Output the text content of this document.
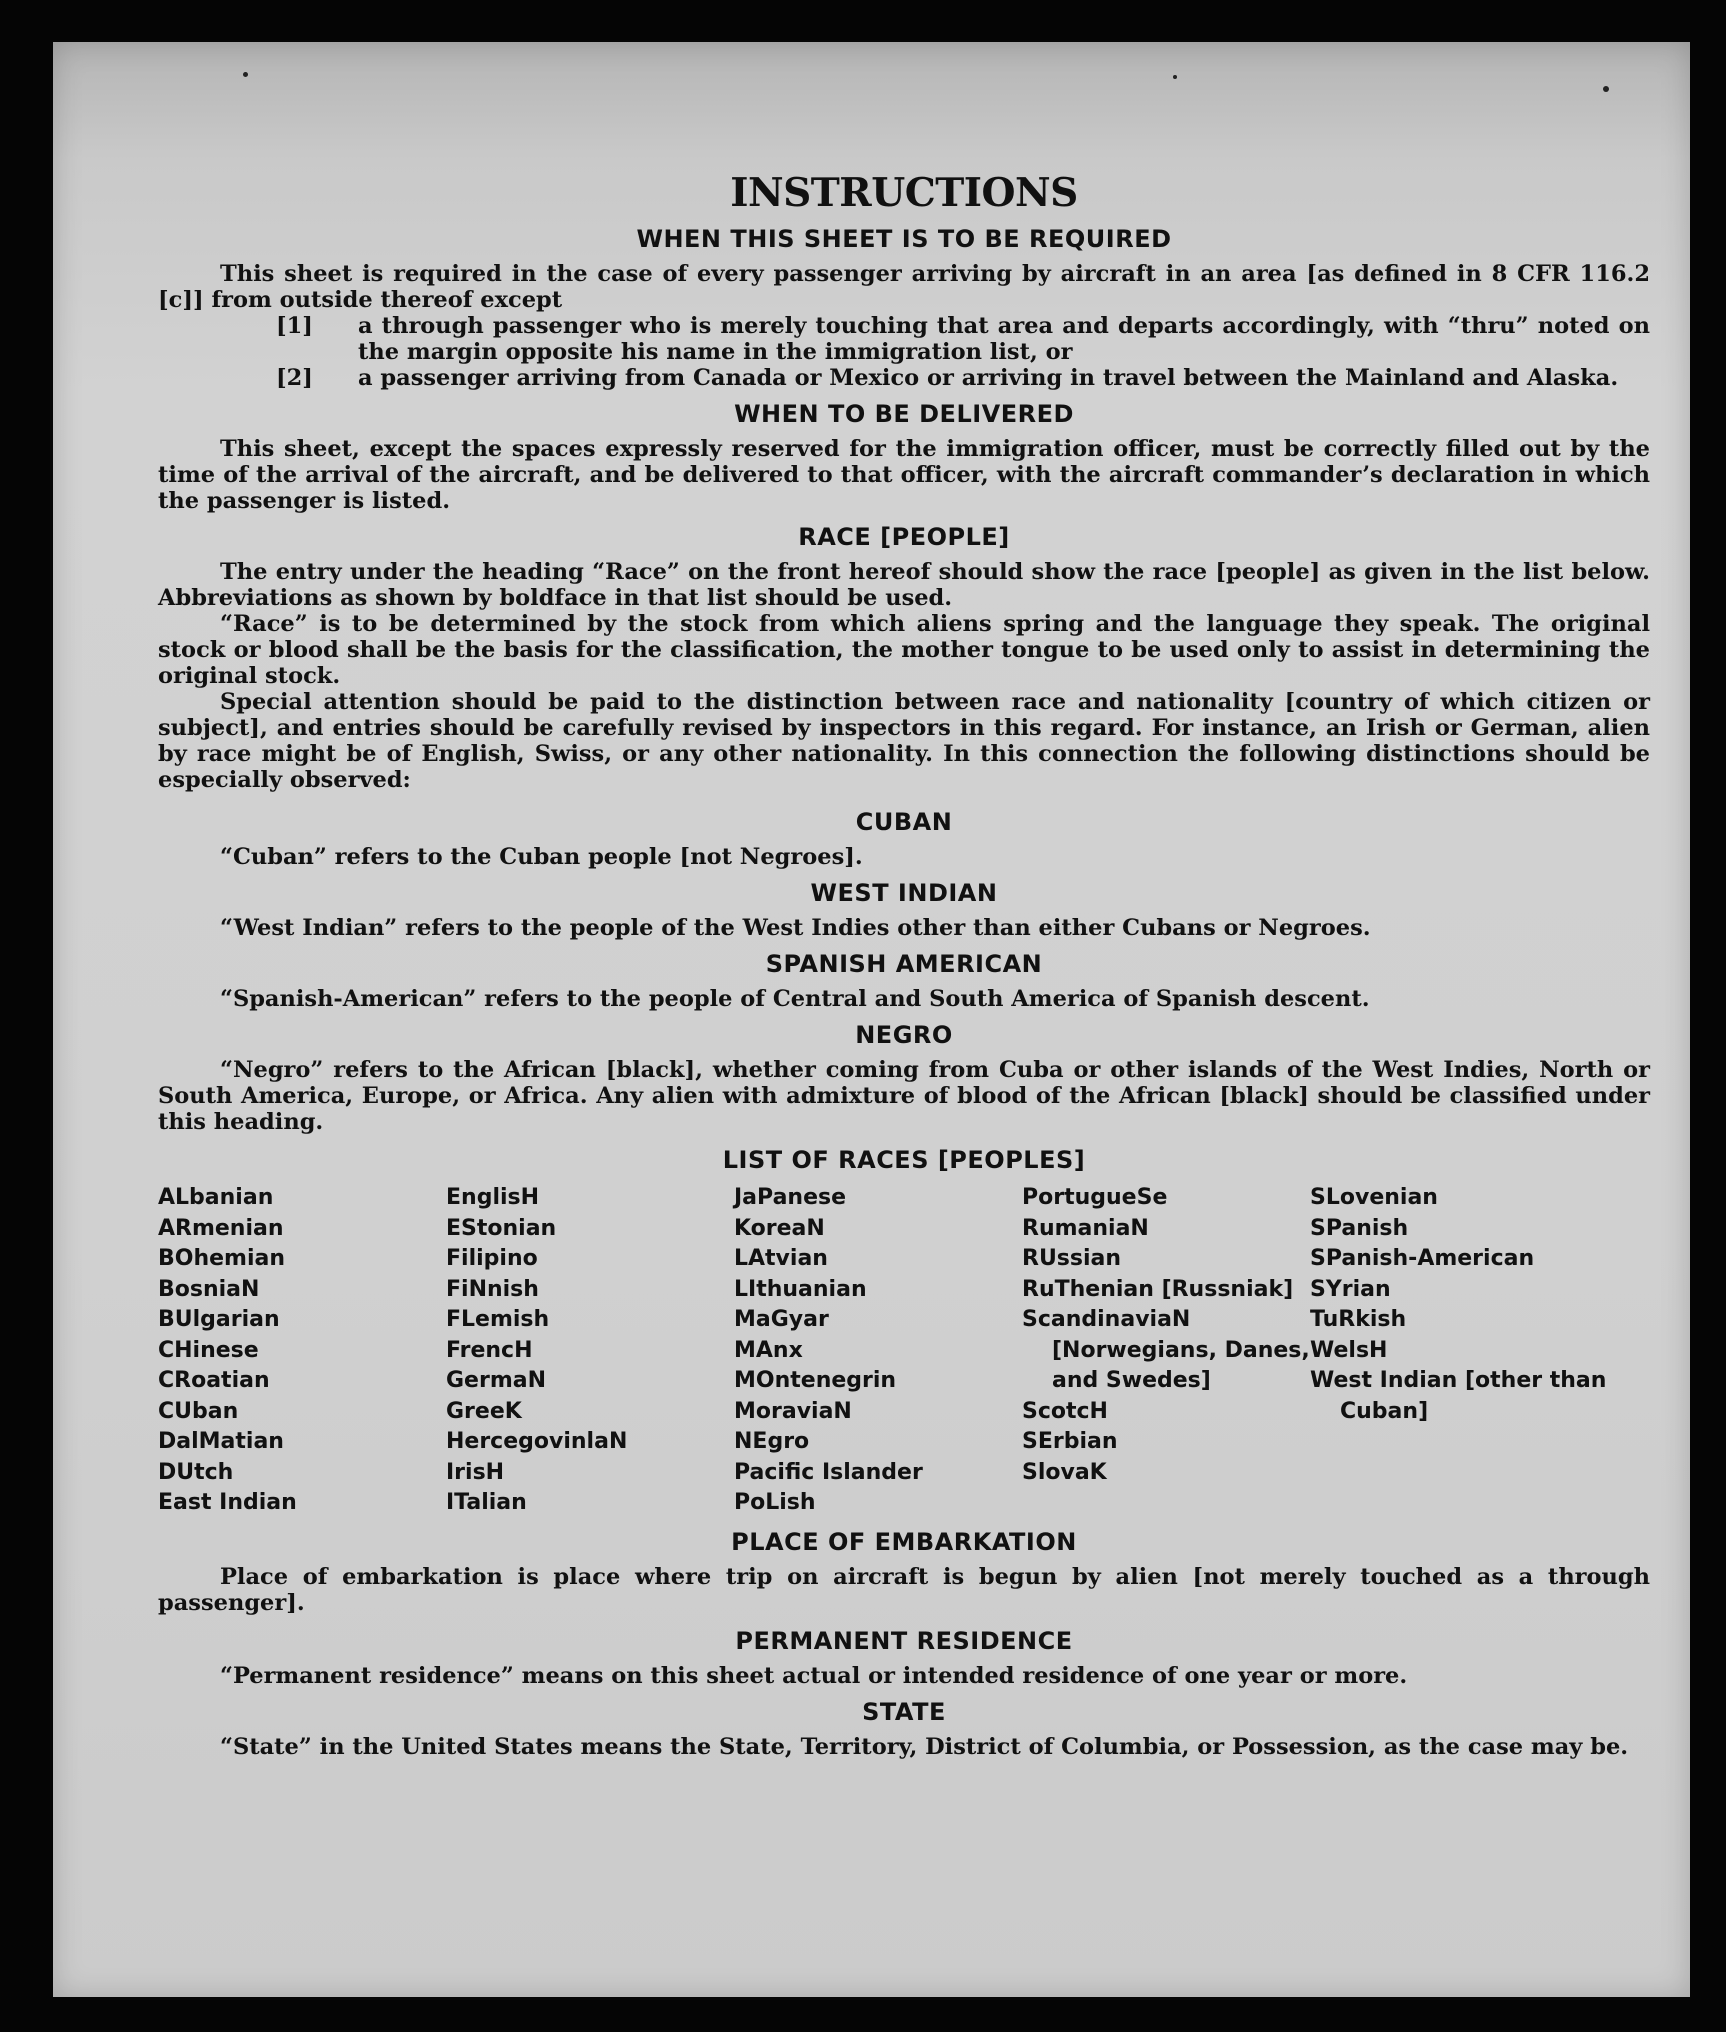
INSTRUCTIONS
WHEN THIS SHEET IS TO BE REQUIRED

This sheet is required in the case of every passenger arriving by aircraft in an area [as defined in 8 CFR 116.2 [c]] from outside thereof except

[1]	a through passenger who is merely touching that area and departs accordingly, with “thru” noted on the margin opposite his name in the immigration list, or

[2]	a passenger arriving from Canada or Mexico or arriving in travel between the Mainland and Alaska.

WHEN TO BE DELIVERED

This sheet, except the spaces expressly reserved for the immigration officer, must be correctly filled out by the time of the arrival of the aircraft, and be delivered to that officer, with the aircraft commander’s declaration in which the passenger is listed.

RACE [PEOPLE]

The entry under the heading “Race” on the front hereof should show the race [people] as given in the list below. Abbreviations as shown by boldface in that list should be used.

“Race” is to be determined by the stock from which aliens spring and the language they speak. The original stock or blood shall be the basis for the classification, the mother tongue to be used only to assist in determining the original stock.

Special attention should be paid to the distinction between race and nationality [country of which citizen or subject], and entries should be carefully revised by inspectors in this regard. For instance, an Irish or German, alien by race might be of English, Swiss, or any other nationality. In this connection the following distinctions should be especially observed:

CUBAN

“Cuban” refers to the Cuban people [not Negroes].

WEST INDIAN

“West Indian” refers to the people of the West Indies other than either Cubans or Negroes.

SPANISH AMERICAN

“Spanish-American” refers to the people of Central and South America of Spanish descent.

NEGRO

“Negro” refers to the African [black], whether coming from Cuba or other islands of the West Indies, North or South America, Europe, or Africa. Any alien with admixture of blood of the African [black] should be classified under this heading.

LIST OF RACES [PEOPLES]
ALbanian
ARmenian
BOhemian
BosniaN
BUlgarian
CHinese
CRoatian
CUban
DalMatian
DUtch
East Indian
EnglisH
EStonian
Filipino
FiNnish
FLemish
FrencH
GermaN
GreeK
HercegovinlaN
IrisH
ITalian
JaPanese
KoreaN
LAtvian
LIthuanian
MaGyar
MAnx
MOntenegrin
MoraviaN
NEgro
Pacific Islander
PoLish
PortugueSe
RumaniaN
RUssian
RuThenian [Russniak]
ScandinaviaN [Norwegians, Danes, and Swedes]
ScotcH
SErbian
SlovaK
SLovenian
SPanish
SPanish-American
SYrian
TuRkish
WelsH
West Indian [other than Cuban]
PLACE OF EMBARKATION

Place of embarkation is place where trip on aircraft is begun by alien [not merely touched as a through passenger].

PERMANENT RESIDENCE

“Permanent residence” means on this sheet actual or intended residence of one year or more.

STATE

“State” in the United States means the State, Territory, District of Columbia, or Possession, as the case may be.
